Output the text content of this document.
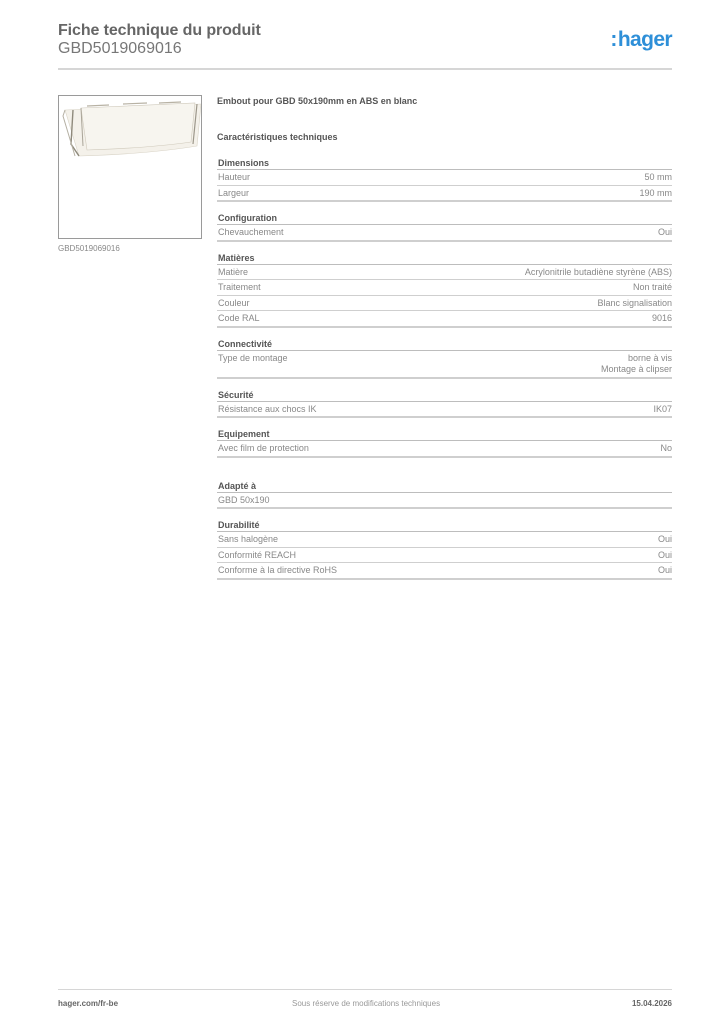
Fiche technique du produit
GBD5019069016	:hager
GBD5019069016
Embout pour GBD 50x190mm en ABS en blanc
Caractéristiques techniques
Dimensions
Hauteur	50 mm
Largeur	190 mm
Configuration
Chevauchement	Oui
Matières
Matière	Acrylonitrile butadiène styrène (ABS)
Traitement	Non traité
Couleur	Blanc signalisation
Code RAL	9016
Connectivité
Type de montage	borne à vis
Montage à clipser
Sécurité
Résistance aux chocs IK	IK07
Equipement
Avec film de protection	No
Adapté à
GBD 50x190
Durabilité
Sans halogène	Oui
Conformité REACH	Oui
Conforme à la directive RoHS	Oui
hager.com/fr-be	Sous réserve de modifications techniques	15.04.2026
